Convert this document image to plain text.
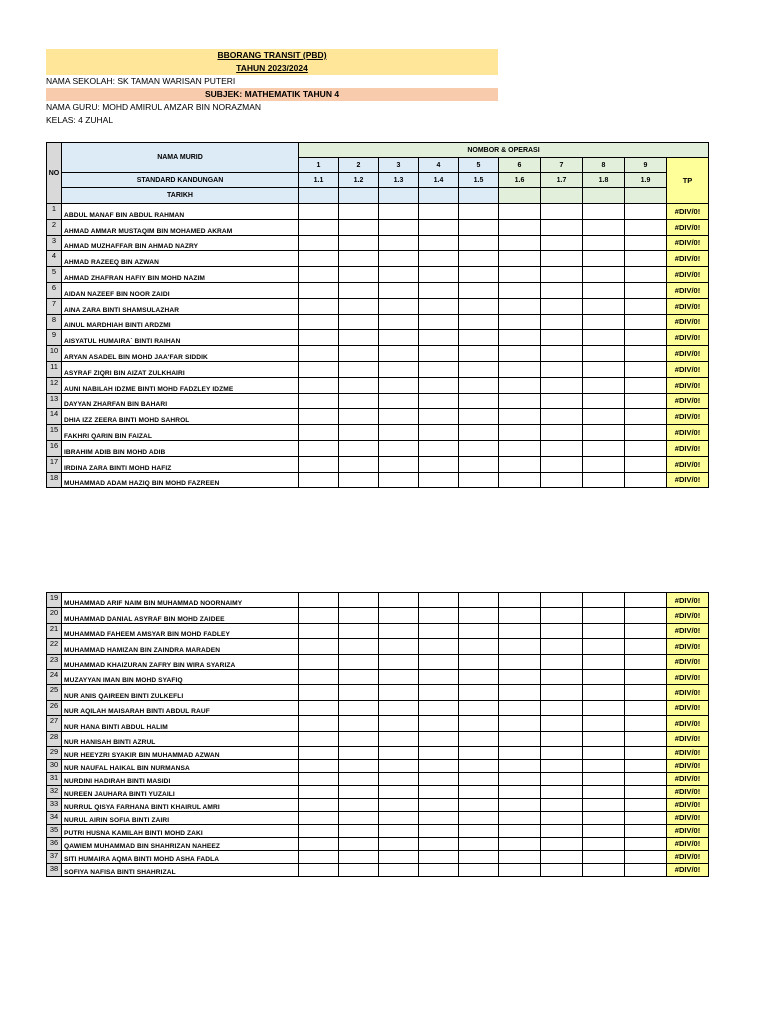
BBORANG TRANSIT (PBD)
TAHUN 2023/2024
NAMA SEKOLAH: SK TAMAN WARISAN PUTERI
SUBJEK: MATHEMATIK TAHUN 4
NAMA GURU: MOHD AMIRUL AMZAR BIN NORAZMAN
KELAS: 4 ZUHAL
NO	NAMA MURID	NOMBOR & OPERASI									
		1	2	3	4	5	6	7	8	9	TP
	STANDARD KANDUNGAN	1.1	1.2	1.3	1.4	1.5	1.6	1.7	1.8	1.9	
	TARIKH										
1	ABDUL MANAF BIN ABDUL RAHMAN										#DIV/0!
2	AHMAD AMMAR MUSTAQIM BIN MOHAMED AKRAM										#DIV/0!
3	AHMAD MUZHAFFAR BIN AHMAD NAZRY										#DIV/0!
4	AHMAD RAZEEQ BIN AZWAN										#DIV/0!
5	AHMAD ZHAFRAN HAFIY BIN MOHD NAZIM										#DIV/0!
6	AIDAN NAZEEF BIN NOOR ZAIDI										#DIV/0!
7	AINA ZARA BINTI SHAMSULAZHAR										#DIV/0!
8	AINUL MARDHIAH BINTI ARDZMI										#DIV/0!
9	AISYATUL HUMAIRA` BINTI RAIHAN										#DIV/0!
10	ARYAN ASADEL BIN MOHD JAA'FAR SIDDIK										#DIV/0!
11	ASYRAF ZIQRI BIN AIZAT ZULKHAIRI										#DIV/0!
12	AUNI NABILAH IDZME BINTI MOHD FADZLEY IDZME										#DIV/0!
13	DAYYAN ZHARFAN BIN BAHARI										#DIV/0!
14	DHIA IZZ ZEERA BINTI MOHD SAHROL										#DIV/0!
15	FAKHRI QARIN BIN FAIZAL										#DIV/0!
16	IBRAHIM ADIB BIN MOHD ADIB										#DIV/0!
17	IRDINA ZARA BINTI MOHD HAFIZ										#DIV/0!
18	MUHAMMAD ADAM HAZIQ BIN MOHD FAZREEN										#DIV/0!
19	MUHAMMAD ARIF NAIM BIN MUHAMMAD NOORNAIMY										#DIV/0!
20	MUHAMMAD DANIAL ASYRAF BIN MOHD ZAIDEE										#DIV/0!
21	MUHAMMAD FAHEEM AMSYAR BIN MOHD FADLEY										#DIV/0!
22	MUHAMMAD HAMIZAN BIN ZAINDRA MARADEN										#DIV/0!
23	MUHAMMAD KHAIZURAN ZAFRY BIN WIRA SYARIZA										#DIV/0!
24	MUZAYYAN IMAN BIN MOHD SYAFIQ										#DIV/0!
25	NUR ANIS QAIREEN BINTI ZULKEFLI										#DIV/0!
26	NUR AQILAH MAISARAH BINTI ABDUL RAUF										#DIV/0!
27	NUR HANA BINTI ABDUL HALIM										#DIV/0!
28	NUR HANISAH BINTI AZRUL										#DIV/0!
29	NUR HEEYZRI SYAKIR BIN MUHAMMAD AZWAN										#DIV/0!
30	NUR NAUFAL HAIKAL BIN NURMANSA										#DIV/0!
31	NURDINI HADIRAH BINTI MASIDI										#DIV/0!
32	NUREEN JAUHARA BINTI YUZAILI										#DIV/0!
33	NURRUL QISYA FARHANA BINTI KHAIRUL AMRI										#DIV/0!
34	NURUL AIRIN SOFIA BINTI ZAIRI										#DIV/0!
35	PUTRI HUSNA KAMILAH BINTI MOHD ZAKI										#DIV/0!
36	QAWIEM MUHAMMAD BIN SHAHRIZAN NAHEEZ										#DIV/0!
37	SITI HUMAIRA AQMA BINTI MOHD ASHA FADLA										#DIV/0!
38	SOFIYA NAFISA BINTI SHAHRIZAL										#DIV/0!
